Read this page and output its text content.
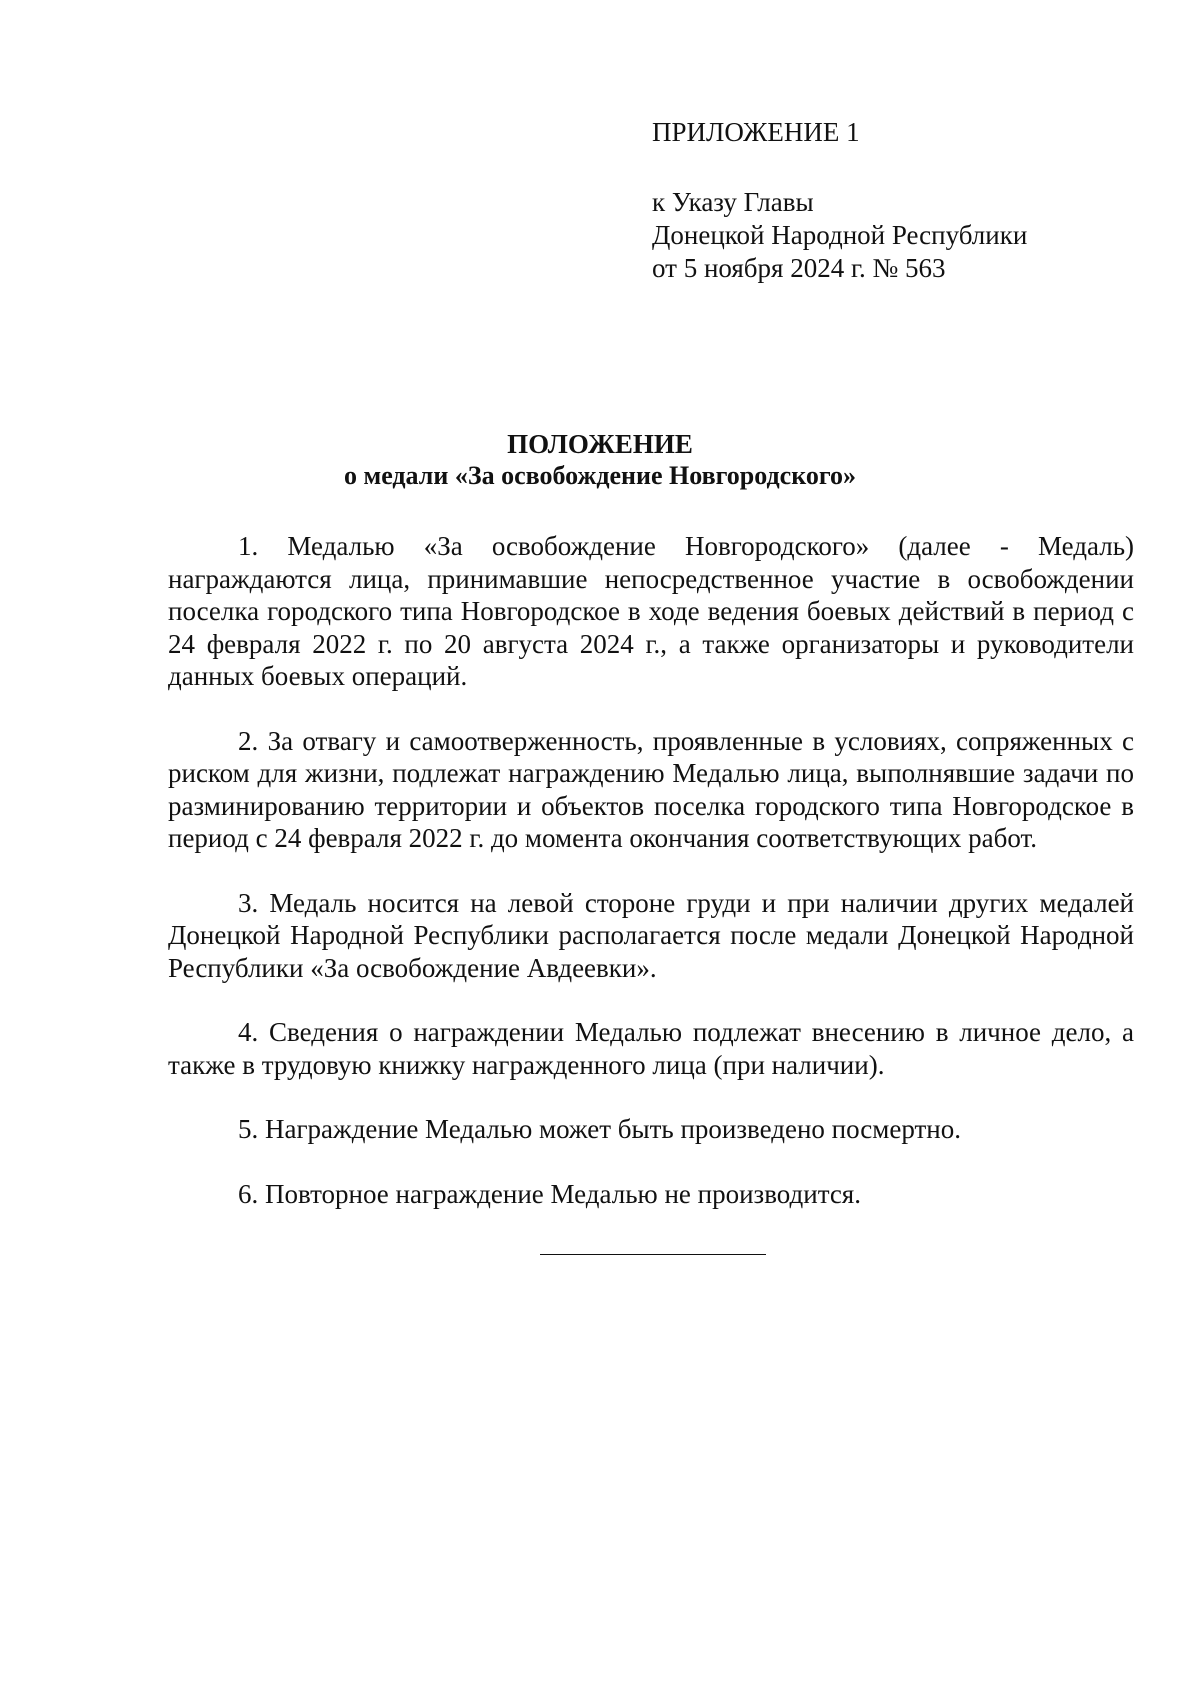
ПРИЛОЖЕНИЕ 1
к Указу Главы
Донецкой Народной Республики
от 5 ноября 2024 г. № 563
ПОЛОЖЕНИЕ
о медали «За освобождение Новгородского»

1. Медалью «За освобождение Новгородского» (далее - Медаль) награждаются лица, принимавшие непосредственное участие в освобождении поселка городского типа Новгородское в ходе ведения боевых действий в период с 24 февраля 2022 г. по 20 августа 2024 г., а также организаторы и руководители данных боевых операций.

2. За отвагу и самоотверженность, проявленные в условиях, сопряженных с риском для жизни, подлежат награждению Медалью лица, выполнявшие задачи по разминированию территории и объектов поселка городского типа Новгородское в период с 24 февраля 2022 г. до момента окончания соответствующих работ.

3. Медаль носится на левой стороне груди и при наличии других медалей Донецкой Народной Республики располагается после медали Донецкой Народной Республики «За освобождение Авдеевки».

4. Сведения о награждении Медалью подлежат внесению в личное дело, а также в трудовую книжку награжденного лица (при наличии).

5. Награждение Медалью может быть произведено посмертно.

6. Повторное награждение Медалью не производится.
